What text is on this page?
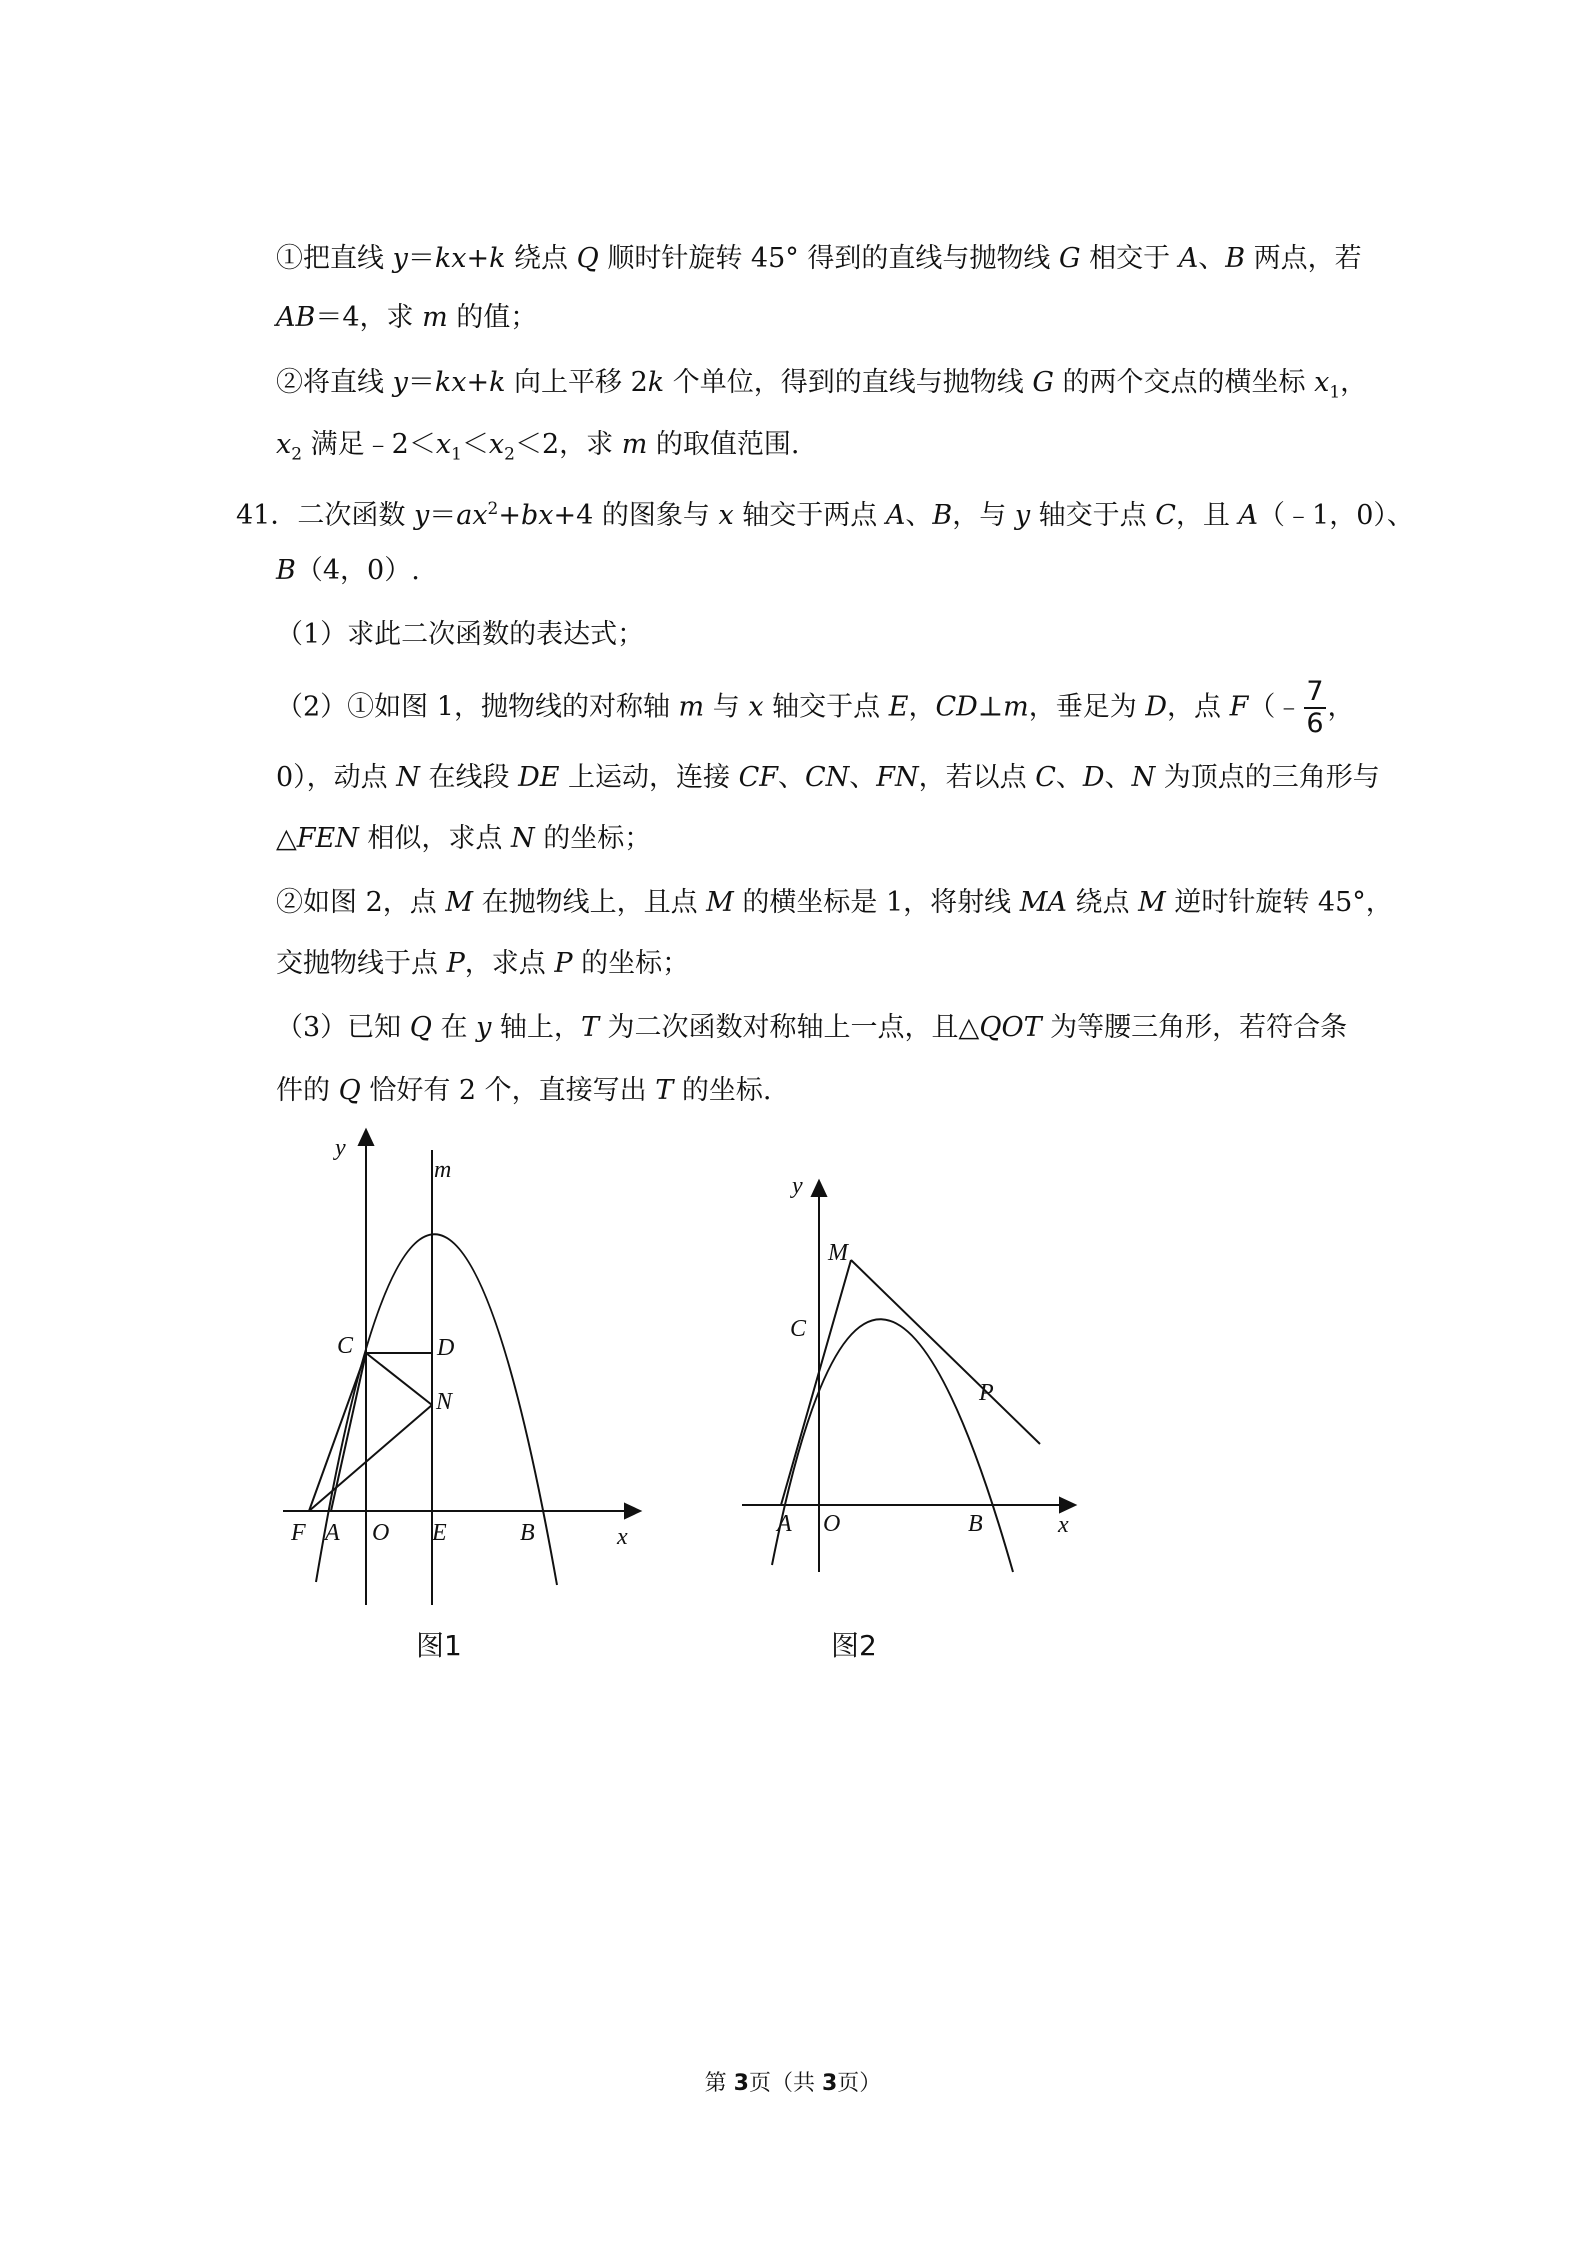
①把直线 y＝kx+k 绕点 Q 顺时针旋转 45° 得到的直线与抛物线 G 相交于 A、B 两点，若
AB＝4，求 m 的值；
②将直线 y＝kx+k 向上平移 2k 个单位，得到的直线与抛物线 G 的两个交点的横坐标 $x_1$，
$x_2$ 满足$﹣2<x_1<x_2<2$，求 m 的取值范围.
41．二次函数 $y=ax^2+bx+4$ 的图象与 x 轴交于两点 A、B，与 y 轴交于点 C，且 A（﹣1，0）、
B（4，0）.
（1）求此二次函数的表达式；
（2）①如图 1，抛物线的对称轴 m 与 x 轴交于点 E，CD⊥m，垂足为 D，点 F（﹣ $\frac{7}{6}$ ，
0），动点 N 在线段 DE 上运动，连接 CF、CN、FN，若以点 C、D、N 为顶点的三角形与
△FEN 相似，求点 N 的坐标；
②如图 2，点 M 在抛物线上，且点 M 的横坐标是 1，将射线 MA 绕点 M 逆时针旋转 45°，
交抛物线于点 P，求点 P 的坐标；
（3）已知 Q 在 y 轴上，T 为二次函数对称轴上一点，且△QOT 为等腰三角形，若符合条
件的 Q 恰好有 2 个，直接写出 T 的坐标.
y
m
C	D
N
F A O E	B	x
图1
y
M
C
P
A O	B	x
图2
第 3页（共 3页）
